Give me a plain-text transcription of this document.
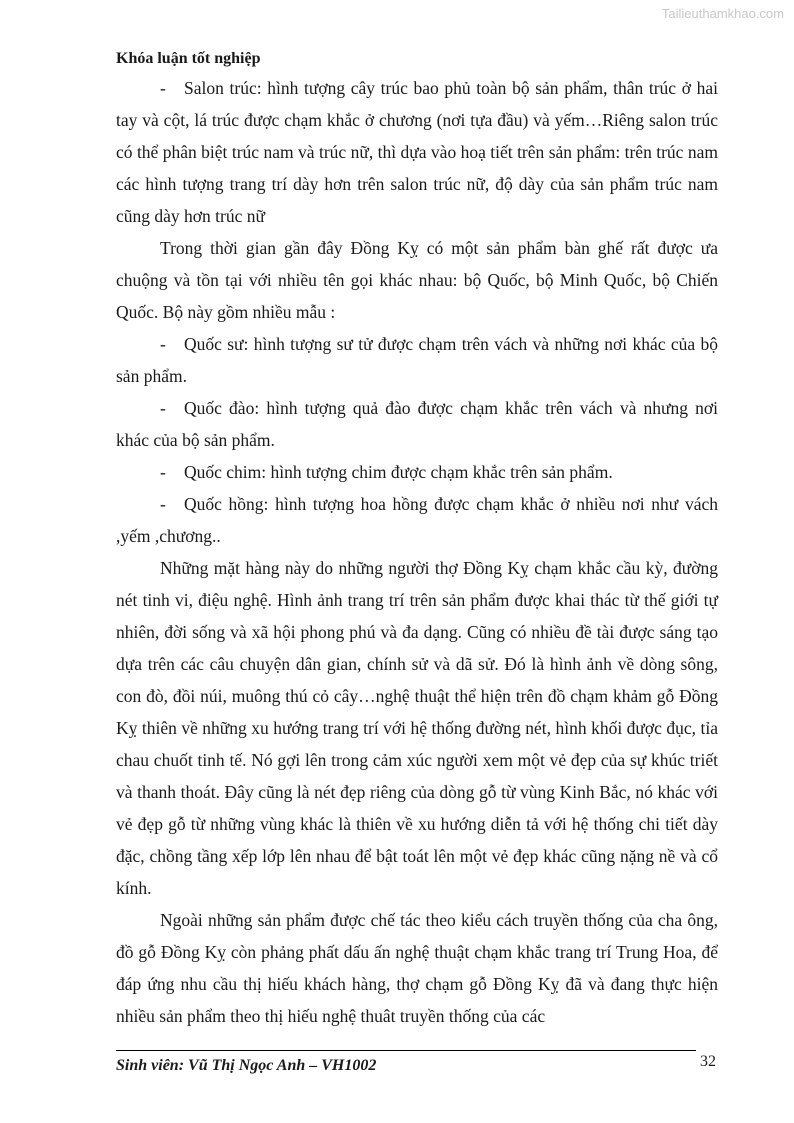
Tailieuthamkhao.com
Khóa luận tốt nghiệp

- Salon trúc: hình tượng cây trúc bao phủ toàn bộ sản phẩm, thân trúc ở hai tay và cột, lá trúc được chạm khắc ở chương (nơi tựa đầu) và yếm…Riêng salon trúc có thể phân biệt trúc nam và trúc nữ, thì dựa vào hoạ tiết trên sản phẩm: trên trúc nam các hình tượng trang trí dày hơn trên salon trúc nữ, độ dày của sản phẩm trúc nam cũng dày hơn trúc nữ

Trong thời gian gần đây Đồng Kỵ có một sản phẩm bàn ghế rất được ưa chuộng và tồn tại với nhiều tên gọi khác nhau: bộ Quốc, bộ Minh Quốc, bộ Chiến Quốc. Bộ này gồm nhiều mẫu :

- Quốc sư: hình tượng sư tử được chạm trên vách và những nơi khác của bộ sản phẩm.

- Quốc đào: hình tượng quả đào được chạm khắc trên vách và nhưng nơi khác của bộ sản phẩm.

- Quốc chim: hình tượng chim được chạm khắc trên sản phẩm.

- Quốc hồng: hình tượng hoa hồng được chạm khắc ở nhiều nơi như vách ,yếm ,chương..

Những mặt hàng này do những người thợ Đồng Kỵ chạm khắc cầu kỳ, đường nét tinh vi, điệu nghệ. Hình ảnh trang trí trên sản phẩm được khai thác từ thế giới tự nhiên, đời sống và xã hội phong phú và đa dạng. Cũng có nhiều đề tài được sáng tạo dựa trên các câu chuyện dân gian, chính sử và dã sử. Đó là hình ảnh về dòng sông, con đò, đồi núi, muông thú cỏ cây…nghệ thuật thể hiện trên đồ chạm khảm gỗ Đồng Kỵ thiên về những xu hướng trang trí với hệ thống đường nét, hình khối được đục, tỉa chau chuốt tinh tế. Nó gợi lên trong cảm xúc người xem một vẻ đẹp của sự khúc triết và thanh thoát. Đây cũng là nét đẹp riêng của dòng gỗ từ vùng Kinh Bắc, nó khác với vẻ đẹp gỗ từ những vùng khác là thiên về xu hướng diễn tả với hệ thống chi tiết dày đặc, chồng tầng xếp lớp lên nhau để bật toát lên một vẻ đẹp khác cũng nặng nề và cổ kính.

Ngoài những sản phẩm được chế tác theo kiểu cách truyền thống của cha ông, đồ gỗ Đồng Kỵ còn phảng phất dấu ấn nghệ thuật chạm khắc trang trí Trung Hoa, để đáp ứng nhu cầu thị hiếu khách hàng, thợ chạm gỗ Đồng Kỵ đã và đang thực hiện nhiều sản phẩm theo thị hiếu nghệ thuât truyền thống của các

Sinh viên: Vũ Thị Ngọc Anh – VH1002	32
